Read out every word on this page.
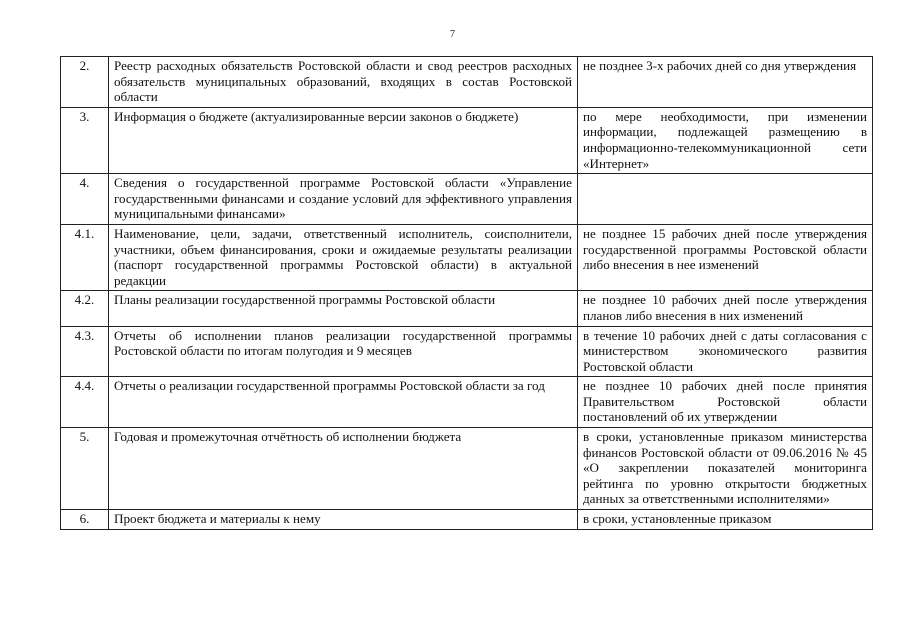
7
2.	Реестр расходных обязательств Ростовской области и свод реестров расходных обязательств муниципальных образований, входящих в состав Ростовской области	не позднее 3-х рабочих дней со дня утверждения
3.	Информация о бюджете (актуализированные версии законов о бюджете)	по мере необходимости, при изменении информации, подлежащей размещению в информационно-телекоммуникационной сети «Интернет»
4.	Сведения о государственной программе Ростовской области «Управление государственными финансами и создание условий для эффективного управления муниципальными финансами»	
4.1.	Наименование, цели, задачи, ответственный исполнитель, соисполнители, участники, объем финансирования, сроки и ожидаемые результаты реализации (паспорт государственной программы Ростовской области) в актуальной редакции	не позднее 15 рабочих дней после утверждения государственной программы Ростовской области либо внесения в нее изменений
4.2.	Планы реализации государственной программы Ростовской области	не позднее 10 рабочих дней после утверждения планов либо внесения в них изменений
4.3.	Отчеты об исполнении планов реализации государственной программы Ростовской области по итогам полугодия и 9 месяцев	в течение 10 рабочих дней с даты согласования с министерством экономического развития Ростовской области
4.4.	Отчеты о реализации государственной программы Ростовской области за год	не позднее 10 рабочих дней после принятия Правительством Ростовской области постановлений об их утверждении
5.	Годовая и промежуточная отчётность об исполнении бюджета	в сроки, установленные приказом министерства финансов Ростовской области от 09.06.2016 № 45 «О закреплении показателей мониторинга рейтинга по уровню открытости бюджетных данных за ответственными исполнителями»
6.	Проект бюджета и материалы к нему	в сроки, установленные приказом
